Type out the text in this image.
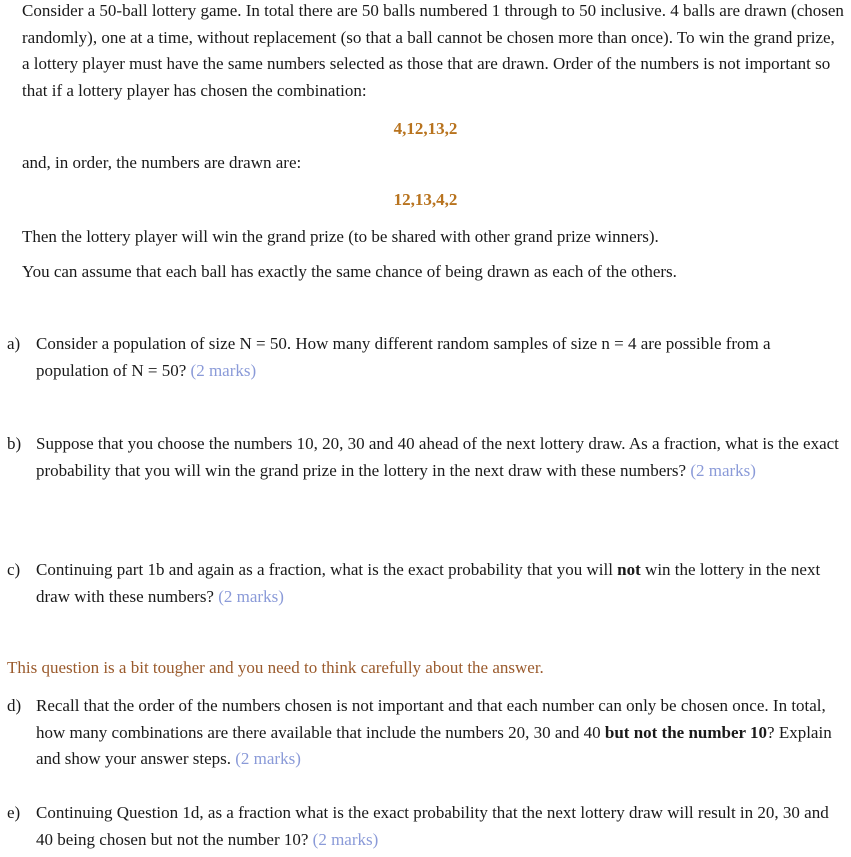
Consider a 50-ball lottery game. In total there are 50 balls numbered 1 through to 50 inclusive. 4 balls are drawn (chosen randomly), one at a time, without replacement (so that a ball cannot be chosen more than once). To win the grand prize, a lottery player must have the same numbers selected as those that are drawn. Order of the numbers is not important so that if a lottery player has chosen the combination:

4,12,13,2

and, in order, the numbers are drawn are:

12,13,4,2

Then the lottery player will win the grand prize (to be shared with other grand prize winners).

You can assume that each ball has exactly the same chance of being drawn as each of the others.

a) Consider a population of size N = 50. How many different random samples of size n = 4 are possible from a population of N = 50? (2 marks)
b) Suppose that you choose the numbers 10, 20, 30 and 40 ahead of the next lottery draw. As a fraction, what is the exact probability that you will win the grand prize in the lottery in the next draw with these numbers? (2 marks)
c) Continuing part 1b and again as a fraction, what is the exact probability that you will not win the lottery in the next draw with these numbers? (2 marks)

This question is a bit tougher and you need to think carefully about the answer.

d) Recall that the order of the numbers chosen is not important and that each number can only be chosen once. In total, how many combinations are there available that include the numbers 20, 30 and 40 but not the number 10? Explain and show your answer steps. (2 marks)
e) Continuing Question 1d, as a fraction what is the exact probability that the next lottery draw will result in 20, 30 and 40 being chosen but not the number 10? (2 marks)
